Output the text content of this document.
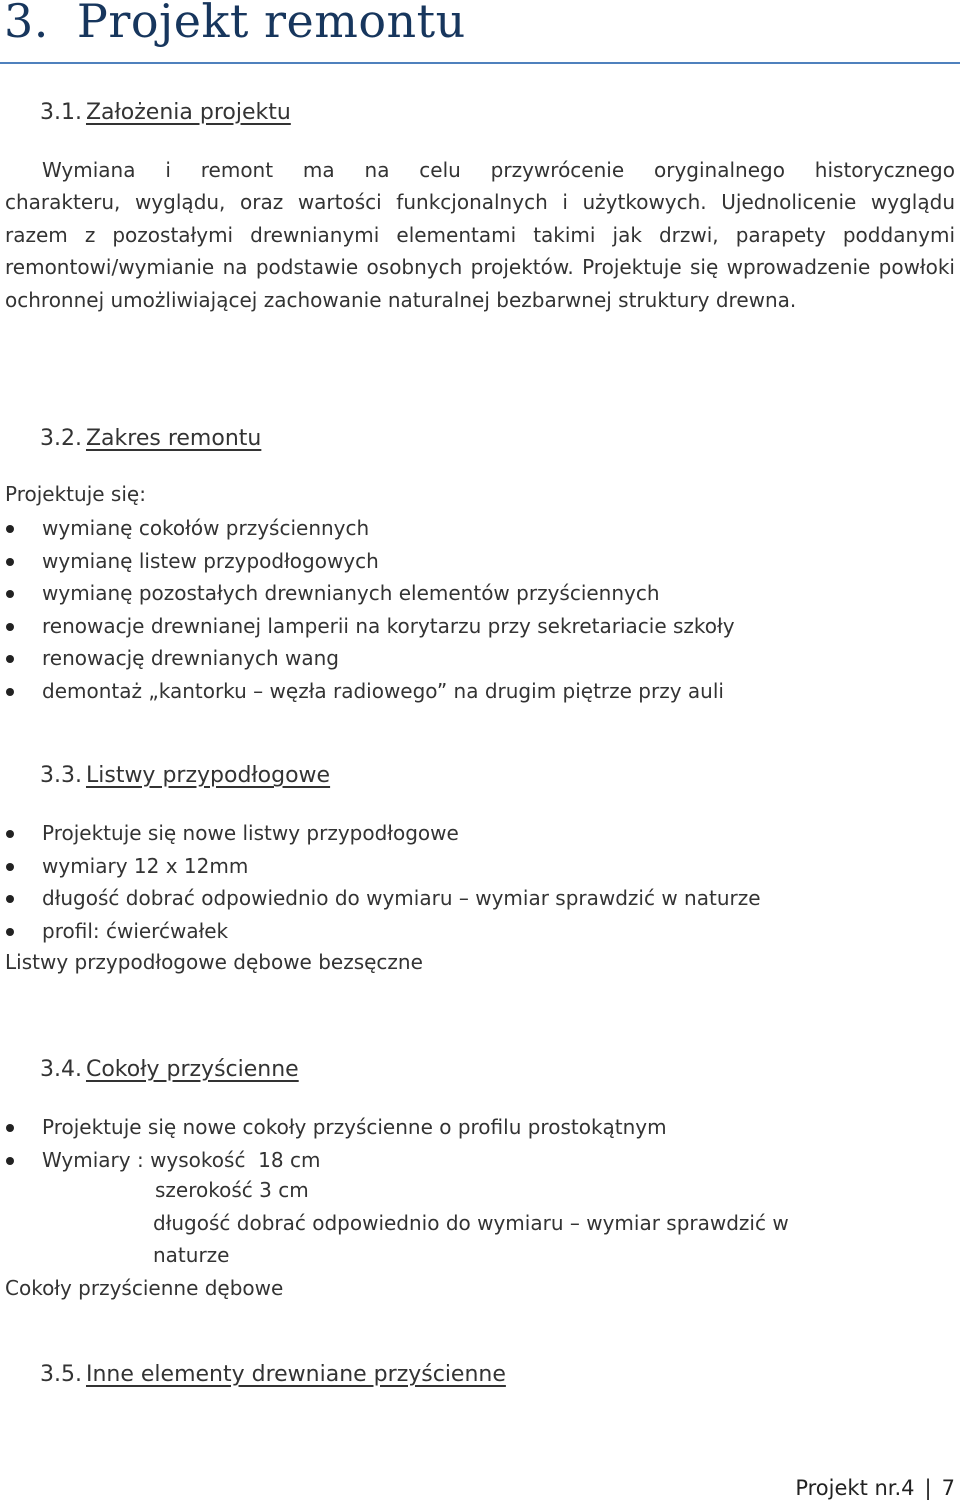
3. Projekt remontu
3.1. Założenia projektu

Wymiana i remont ma na celu przywrócenie oryginalnego historycznego

charakteru, wyglądu, oraz wartości funkcjonalnych i użytkowych. Ujednolicenie wyglądu razem z pozostałymi drewnianymi elementami takimi jak drzwi, parapety poddanymi remontowi/wymianie na podstawie osobnych projektów. Projektuje się wprowadzenie powłoki ochronnej umożliwiającej zachowanie naturalnej bezbarwnej struktury drewna.

3.2. Zakres remontu

Projektuje się:

wymianę cokołów przyściennych
wymianę listew przypodłogowych
wymianę pozostałych drewnianych elementów przyściennych
renowacje drewnianej lamperii na korytarzu przy sekretariacie szkoły
renowację drewnianych wang
demontaż „kantorku – węzła radiowego” na drugim piętrze przy auli
3.3. Listwy przypodłogowe
Projektuje się nowe listwy przypodłogowe
wymiary 12 x 12mm
długość dobrać odpowiednio do wymiaru – wymiar sprawdzić w naturze
profil: ćwierćwałek

Listwy przypodłogowe dębowe bezsęczne

3.4. Cokoły przyścienne
Projektuje się nowe cokoły przyścienne o profilu prostokątnym
Wymiary : wysokość  18 cm

szerokość 3 cm

długość dobrać odpowiednio do wymiaru – wymiar sprawdzić w

naturze

Cokoły przyścienne dębowe

3.5. Inne elementy drewniane przyścienne
Projekt nr.4 | 7
